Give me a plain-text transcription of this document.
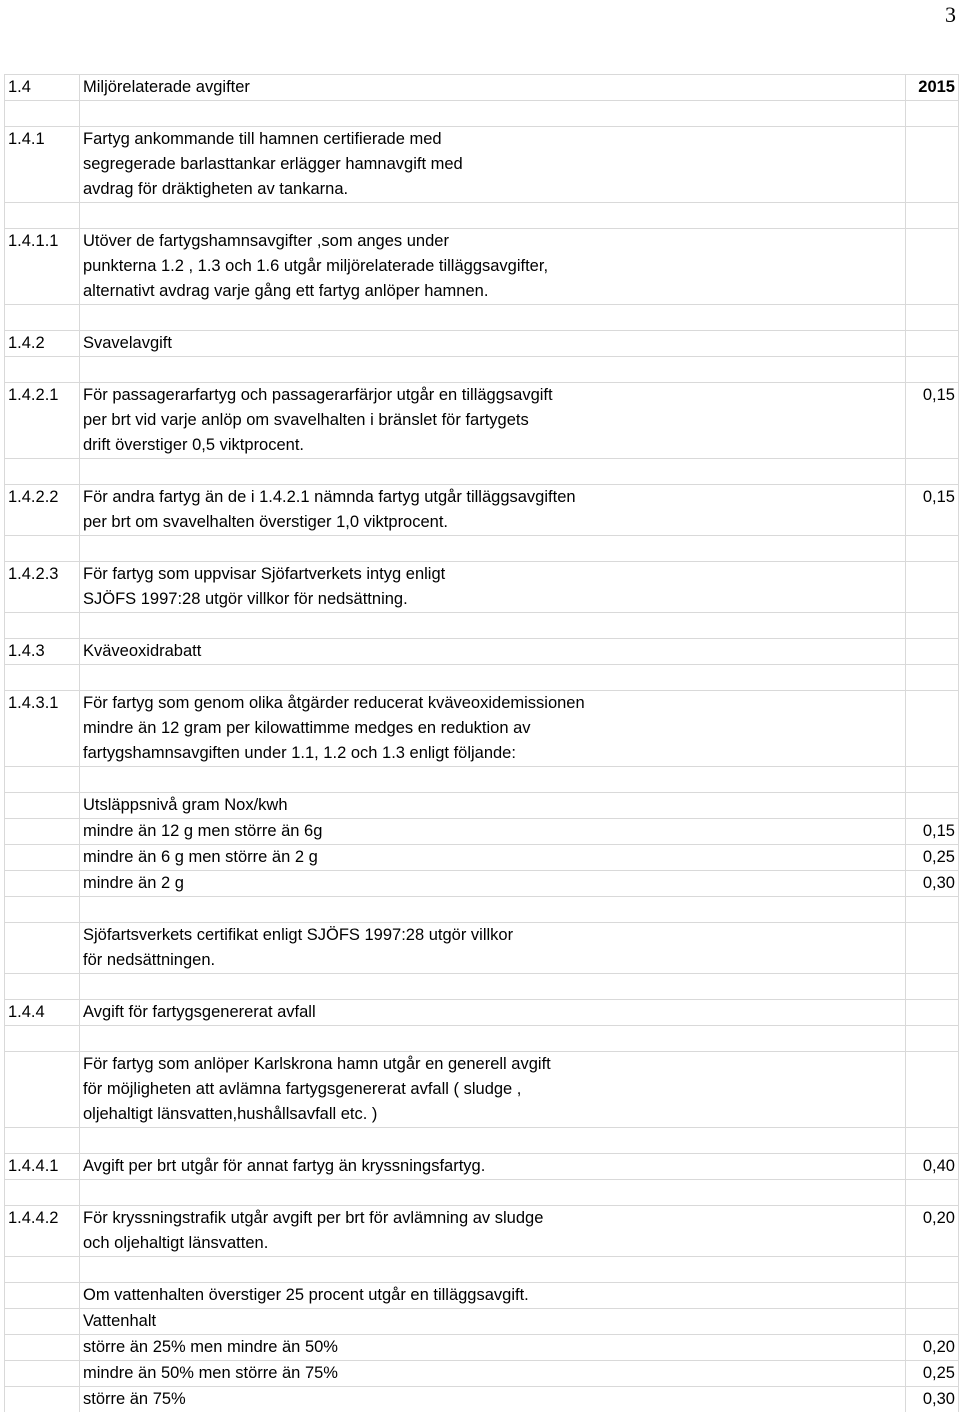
3
1.4	Miljörelaterade avgifter	2015

1.4.1	Fartyg ankommande till hamnen certifierade med	
	segregerade barlasttankar erlägger hamnavgift med	
	avdrag för dräktigheten av tankarna.	

1.4.1.1	Utöver de fartygshamnsavgifter ,som anges under	
	punkterna 1.2 , 1.3 och 1.6 utgår miljörelaterade tilläggsavgifter,	
	alternativt avdrag varje gång ett fartyg anlöper hamnen.	

1.4.2	Svavelavgift	

1.4.2.1	För passagerarfartyg och passagerarfärjor utgår en tilläggsavgift	0,15
	per brt vid varje anlöp om svavelhalten i bränslet för fartygets	
	drift överstiger 0,5 viktprocent.	

1.4.2.2	För andra fartyg än de i 1.4.2.1 nämnda fartyg utgår tilläggsavgiften	0,15
	per brt om svavelhalten överstiger 1,0 viktprocent.	

1.4.2.3	För fartyg som uppvisar Sjöfartverkets intyg enligt	
	SJÖFS 1997:28 utgör villkor för nedsättning.	

1.4.3	Kväveoxidrabatt	

1.4.3.1	För fartyg som genom olika åtgärder reducerat kväveoxidemissionen	
	mindre än 12 gram per kilowattimme medges en reduktion av	
	fartygshamnsavgiften under 1.1, 1.2 och 1.3 enligt följande:	

	Utsläppsnivå gram Nox/kwh	
	mindre än 12 g men större än 6g	0,15
	mindre än 6 g men större än 2 g	0,25
	mindre än 2 g	0,30

	Sjöfartsverkets certifikat enligt SJÖFS 1997:28 utgör villkor	
	för nedsättningen.	

1.4.4	Avgift för fartygsgenererat avfall	

	För fartyg som anlöper Karlskrona hamn utgår en generell avgift	
	för möjligheten att avlämna fartygsgenererat avfall ( sludge ,	
	oljehaltigt länsvatten,hushållsavfall etc. )	

1.4.4.1	Avgift per brt utgår för annat fartyg än kryssningsfartyg.	0,40

1.4.4.2	För kryssningstrafik utgår avgift per brt för avlämning av sludge	0,20
	och oljehaltigt länsvatten.	

	Om vattenhalten överstiger 25 procent utgår en tilläggsavgift.	
	Vattenhalt	
	större än 25% men mindre än 50%	0,20
	mindre än 50% men större än 75%	0,25
	större än 75%	0,30
